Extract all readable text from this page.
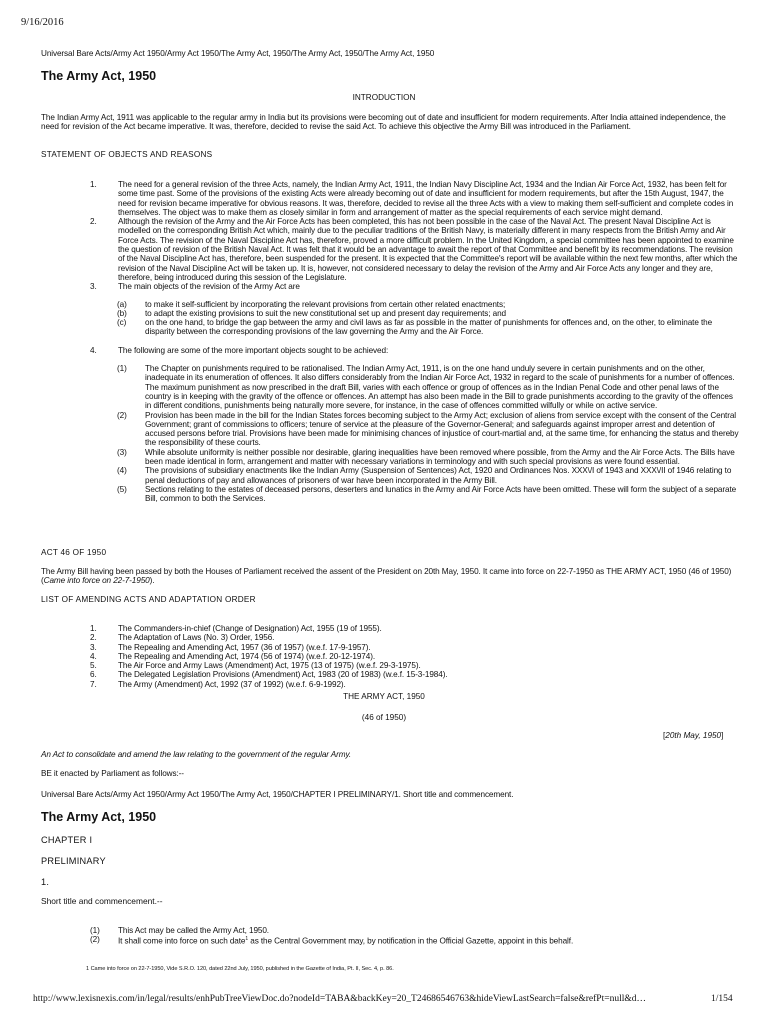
9/16/2016
Universal Bare Acts/Army Act 1950/Army Act 1950/The Army Act, 1950/The Army Act, 1950/The Army Act, 1950
The Army Act, 1950
INTRODUCTION
The Indian Army Act, 1911 was applicable to the regular army in India but its provisions were becoming out of date and insufficient for modern requirements. After India attained independence, the need for revision of the Act became imperative. It was, therefore, decided to revise the said Act. To achieve this objective the Army Bill was introduced in the Parliament.
STATEMENT OF OBJECTS AND REASONS
1.	The need for a general revision of the three Acts, namely, the Indian Army Act, 1911, the Indian Navy Discipline Act, 1934 and the Indian Air Force Act, 1932, has been felt for some time past. Some of the provisions of the existing Acts were already becoming out of date and insufficient for modern requirements, but after the 15th August, 1947, the need for revision became imperative for obvious reasons. It was, therefore, decided to revise all the three Acts with a view to making them self-sufficient and complete codes in themselves. The object was to make them as closely similar in form and arrangement of matter as the special requirements of each service might demand.
2.	Although the revision of the Army and the Air Force Acts has been completed, this has not been possible in the case of the Naval Act. The present Naval Discipline Act is modelled on the corresponding British Act which, mainly due to the peculiar traditions of the British Navy, is materially different in many respects from the British Army and Air Force Acts. The revision of the Naval Discipline Act has, therefore, proved a more difficult problem. In the United Kingdom, a special committee has been appointed to examine the question of revision of the British Naval Act. It was felt that it would be an advantage to await the report of that Committee and benefit by its recommendations. The revision of the Naval Discipline Act has, therefore, been suspended for the present. It is expected that the Committee's report will be available within the next few months, after which the revision of the Naval Discipline Act will be taken up. It is, however, not considered necessary to delay the revision of the Army and Air Force Acts any longer and they are, therefore, being introduced during this session of the Legislature.
3.	The main objects of the revision of the Army Act are
(a) to make it self-sufficient by incorporating the relevant provisions from certain other related enactments;
(b) to adapt the existing provisions to suit the new constitutional set up and present day requirements; and
(c) on the one hand, to bridge the gap between the army and civil laws as far as possible in the matter of punishments for offences and, on the other, to eliminate the disparity between the corresponding provisions of the law governing the Army and the Air Force.
4.	The following are some of the more important objects sought to be achieved:
(1) The Chapter on punishments required to be rationalised. The Indian Army Act, 1911, is on the one hand unduly severe in certain punishments and on the other, inadequate in its enumeration of offences. It also differs considerably from the Indian Air Force Act, 1932 in regard to the scale of punishments for a number of offences. The maximum punishment as now prescribed in the draft Bill, varies with each offence or group of offences as in the Indian Penal Code and other penal laws of the country is in keeping with the gravity of the offence or offences. An attempt has also been made in the Bill to grade punishments according to the gravity of the offences in different conditions, punishments being naturally more severe, for instance, in the case of offences committed wilfully or while on active service.
(2) Provision has been made in the bill for the Indian States forces becoming subject to the Army Act; exclusion of aliens from service except with the consent of the Central Government; grant of commissions to officers; tenure of service at the pleasure of the Governor-General; and safeguards against improper arrest and detention of accused persons before trial. Provisions have been made for minimising chances of injustice of court-martial and, at the same time, for enhancing the status and thereby the responsibility of these courts.
(3) While absolute uniformity is neither possible nor desirable, glaring inequalities have been removed where possible, from the Army and the Air Force Acts. The Bills have been made identical in form, arrangement and matter with necessary variations in terminology and with such special provisions as were found essential.
(4) The provisions of subsidiary enactments like the Indian Army (Suspension of Sentences) Act, 1920 and Ordinances Nos. XXX\/I of 1943 and XXX\/II of 1946 relating to penal deductions of pay and allowances of prisoners of war have been incorporated in the Army Bill.
(5) Sections relating to the estates of deceased persons, deserters and lunatics in the Army and Air Force Acts have been omitted. These will form the subject of a separate Bill, common to both the Services.
ACT 46 OF 1950
The Army Bill having been passed by both the Houses of Parliament received the assent of the President on 20th May, 1950. It came into force on 22-7-1950 as THE ARMY ACT, 1950 (46 of 1950) (Came into force on 22-7-1950).
LIST OF AMENDING ACTS AND ADAPTATION ORDER
1.	The Commanders-in-chief (Change of Designation) Act, 1955 (19 of 1955).
2.	The Adaptation of Laws (No. 3) Order, 1956.
3.	The Repealing and Amending Act, 1957 (36 of 1957) (w.e.f. 17-9-1957).
4.	The Repealing and Amending Act, 1974 (56 of 1974) (w.e.f. 20-12-1974).
5.	The Air Force and Army Laws (Amendment) Act, 1975 (13 of 1975) (w.e.f. 29-3-1975).
6.	The Delegated Legislation Provisions (Amendment) Act, 1983 (20 of 1983) (w.e.f. 15-3-1984).
7.	The Army (Amendment) Act, 1992 (37 of 1992) (w.e.f. 6-9-1992).
THE ARMY ACT, 1950
(46 of 1950)
[20th May, 1950]
An Act to consolidate and amend the law relating to the government of the regular Army.
BE it enacted by Parliament as follows:--
Universal Bare Acts/Army Act 1950/Army Act 1950/The Army Act, 1950/CHAPTER I PRELIMINARY/1. Short title and commencement.
The Army Act, 1950
CHAPTER I
PRELIMINARY
1.
Short title and commencement.--
(1) This Act may be called the Army Act, 1950.
(2) It shall come into force on such date$^1$ as the Central Government may, by notification in the Official Gazette, appoint in this behalf.
1 Came into force on 22-7-1950, Vide S.R.O. 120, dated 22nd July, 1950, published in the Gazette of India, Pt. II, Sec. 4, p. 86.
http://www.lexisnexis.com/in/legal/results/enhPubTreeViewDoc.do?nodeId=TABA&backKey=20_T24686546763&hideViewLastSearch=false&refPt=null&d…	1/154
